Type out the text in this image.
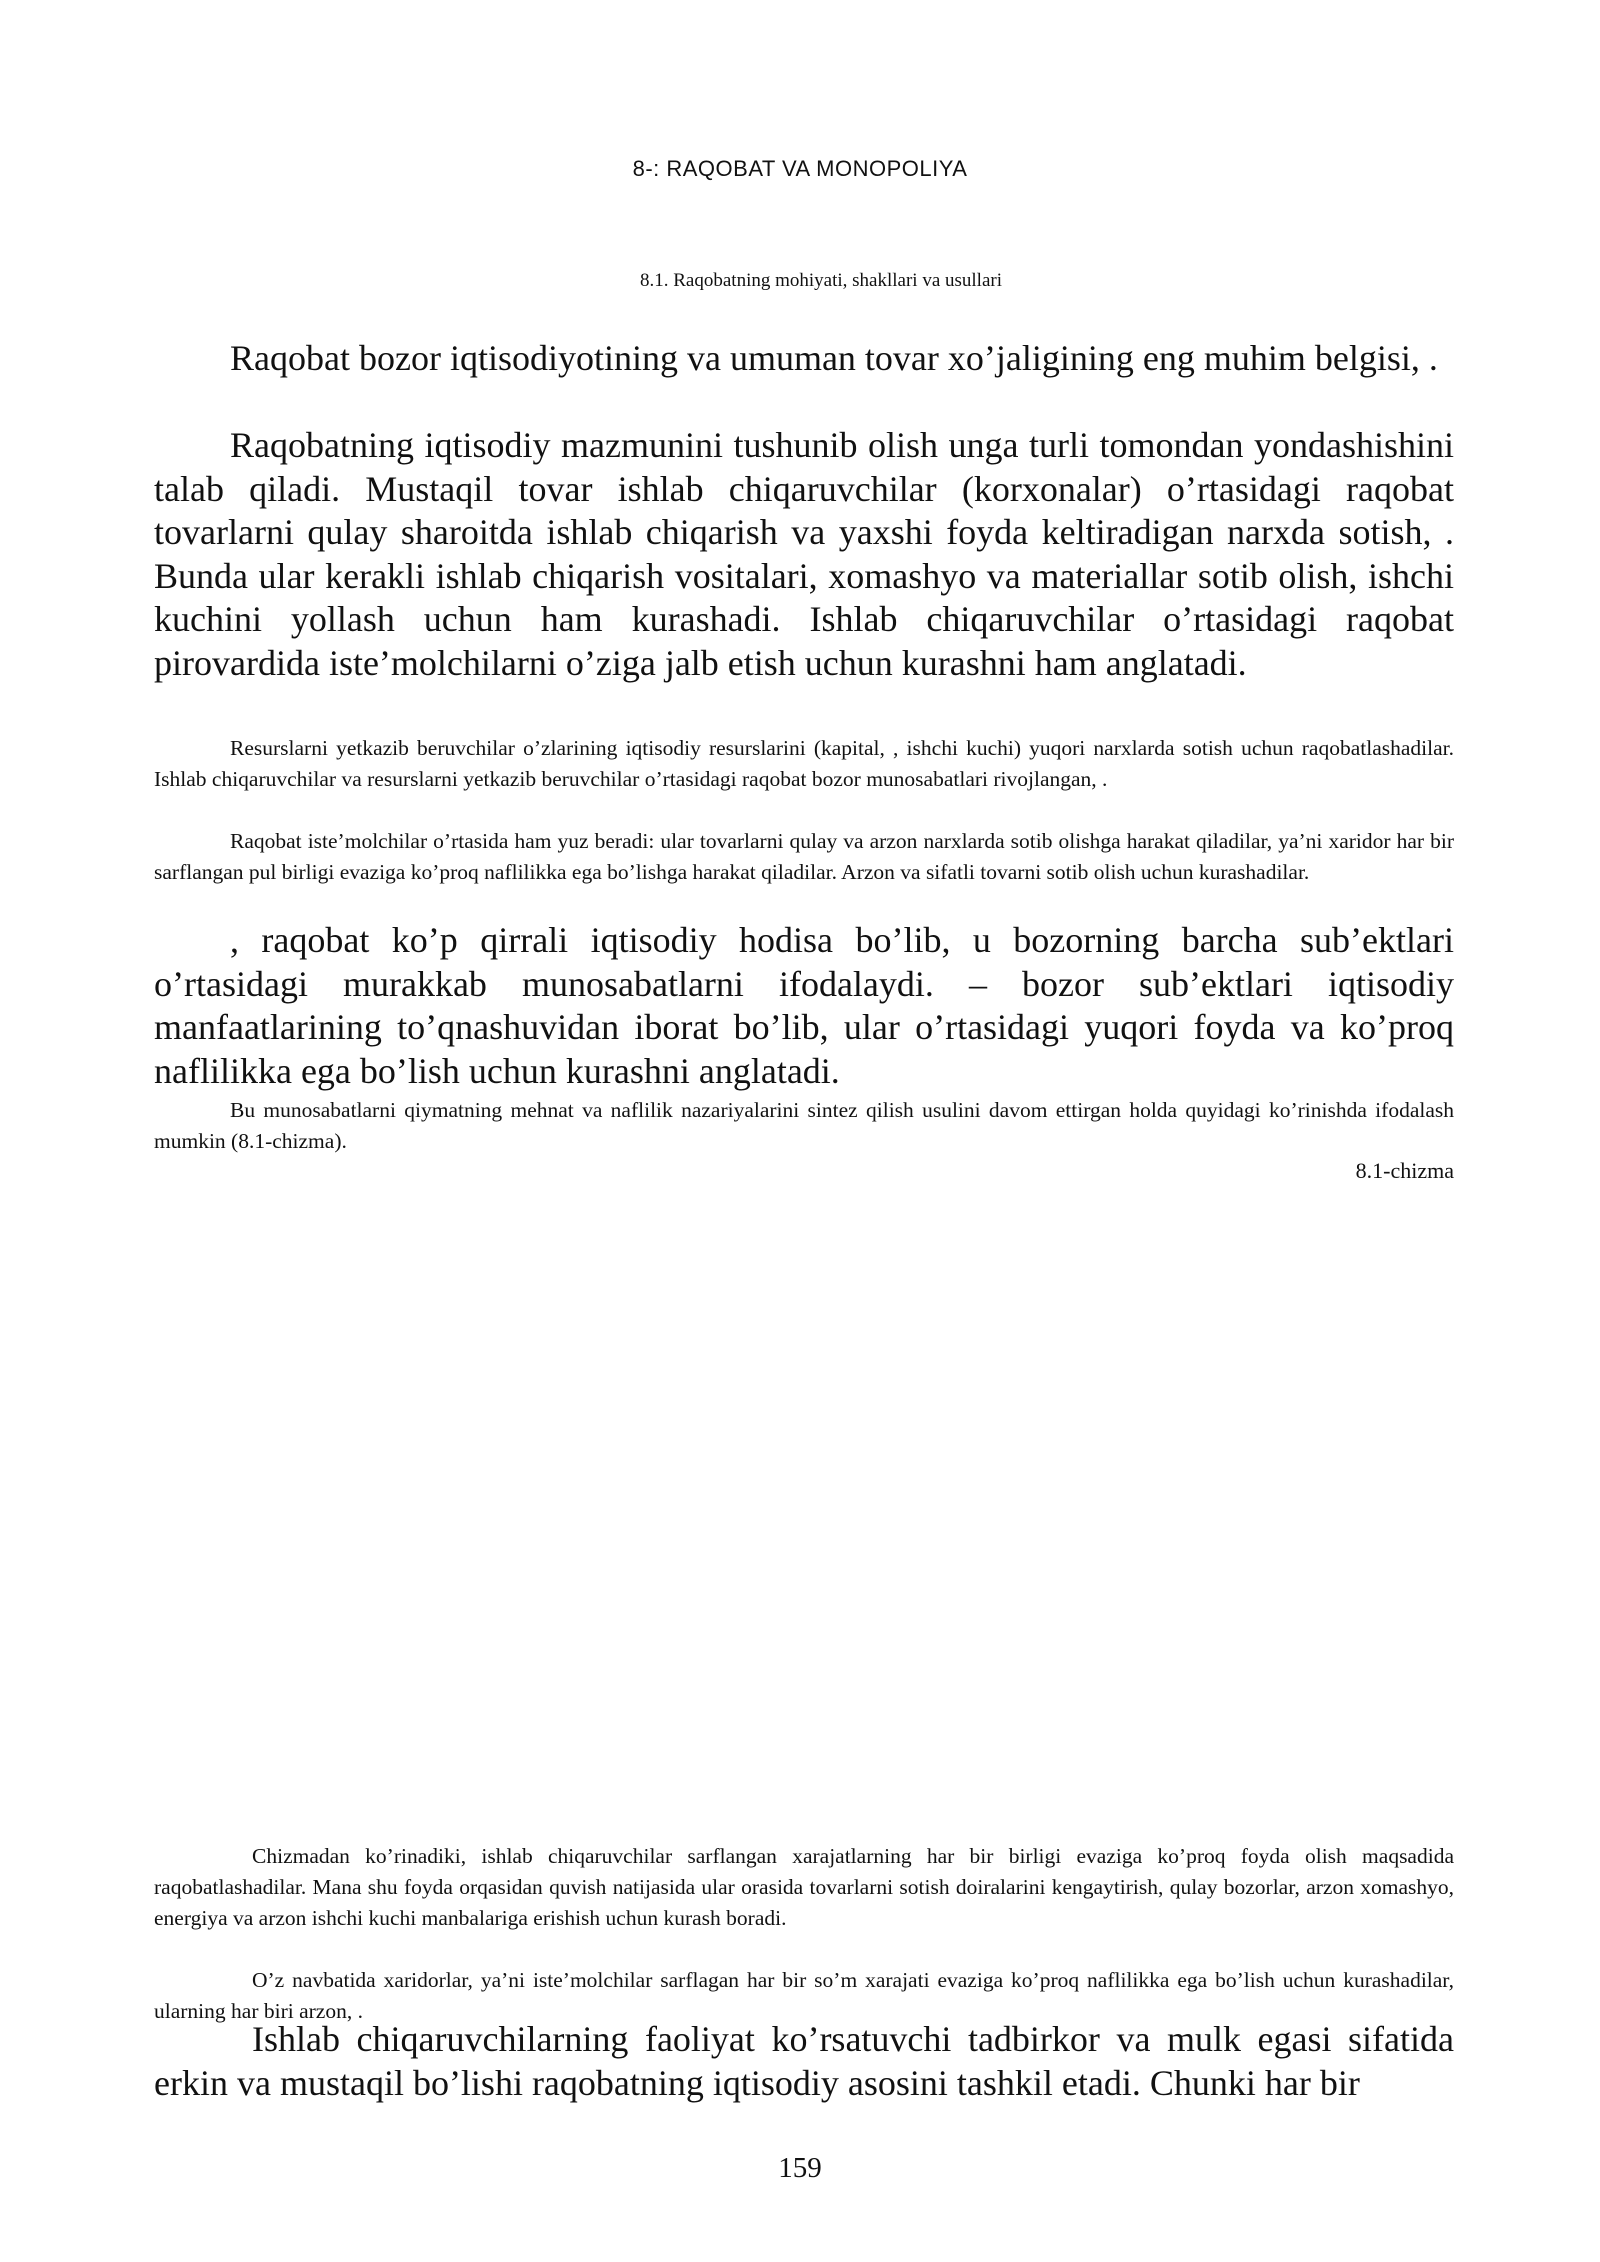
8-: RAQOBAT VA MONOPOLIYA
8.1. Raqobatning mohiyati, shakllari va usullari

Raqobat bozor iqtisodiyotining va umuman tovar xo’jaligining eng muhim belgisi, .

Raqobatning iqtisodiy mazmunini tushunib olish unga turli tomondan yondashishini talab qiladi. Mustaqil tovar ishlab chiqaruvchilar (korxonalar) o’rtasidagi raqobat tovarlarni qulay sharoitda ishlab chiqarish va yaxshi foyda keltiradigan narxda sotish, . Bunda ular kerakli ishlab chiqarish vositalari, xomashyo va materiallar sotib olish, ishchi kuchini yollash uchun ham kurashadi. Ishlab chiqaruvchilar o’rtasidagi raqobat pirovardida iste’molchilarni o’ziga jalb etish uchun kurashni ham anglatadi.

Resurslarni yetkazib beruvchilar o’zlarining iqtisodiy resurslarini (kapital, , ishchi kuchi) yuqori narxlarda sotish uchun raqobatlashadilar. Ishlab chiqaruvchilar va resurslarni yetkazib beruvchilar o’rtasidagi raqobat bozor munosabatlari rivojlangan, .

Raqobat iste’molchilar o’rtasida ham yuz beradi: ular tovarlarni qulay va arzon narxlarda sotib olishga harakat qiladilar, ya’ni xaridor har bir sarflangan pul birligi evaziga ko’proq naflilikka ega bo’lishga harakat qiladilar. Arzon va sifatli tovarni sotib olish uchun kurashadilar.

, raqobat ko’p qirrali iqtisodiy hodisa bo’lib, u bozorning barcha sub’ektlari o’rtasidagi murakkab munosabatlarni ifodalaydi. – bozor sub’ektlari iqtisodiy manfaatlarining to’qnashuvidan iborat bo’lib, ular o’rtasidagi yuqori foyda va ko’proq naflilikka ega bo’lish uchun kurashni anglatadi.

Bu munosabatlarni qiymatning mehnat va naflilik nazariyalarini sintez qilish usulini davom ettirgan holda quyidagi ko’rinishda ifodalash mumkin (8.1-chizma).

8.1-chizma

Chizmadan ko’rinadiki, ishlab chiqaruvchilar sarflangan xarajatlarning har bir birligi evaziga ko’proq foyda olish maqsadida raqobatlashadilar. Mana shu foyda orqasidan quvish natijasida ular orasida tovarlarni sotish doiralarini kengaytirish, qulay bozorlar, arzon xomashyo, energiya va arzon ishchi kuchi manbalariga erishish uchun kurash boradi.

O’z navbatida xaridorlar, ya’ni iste’molchilar sarflagan har bir so’m xarajati evaziga ko’proq naflilikka ega bo’lish uchun kurashadilar, ularning har biri arzon, .

Ishlab chiqaruvchilarning faoliyat ko’rsatuvchi tadbirkor va mulk egasi sifatida erkin va mustaqil bo’lishi raqobatning iqtisodiy asosini tashkil etadi. Chunki har bir

159
